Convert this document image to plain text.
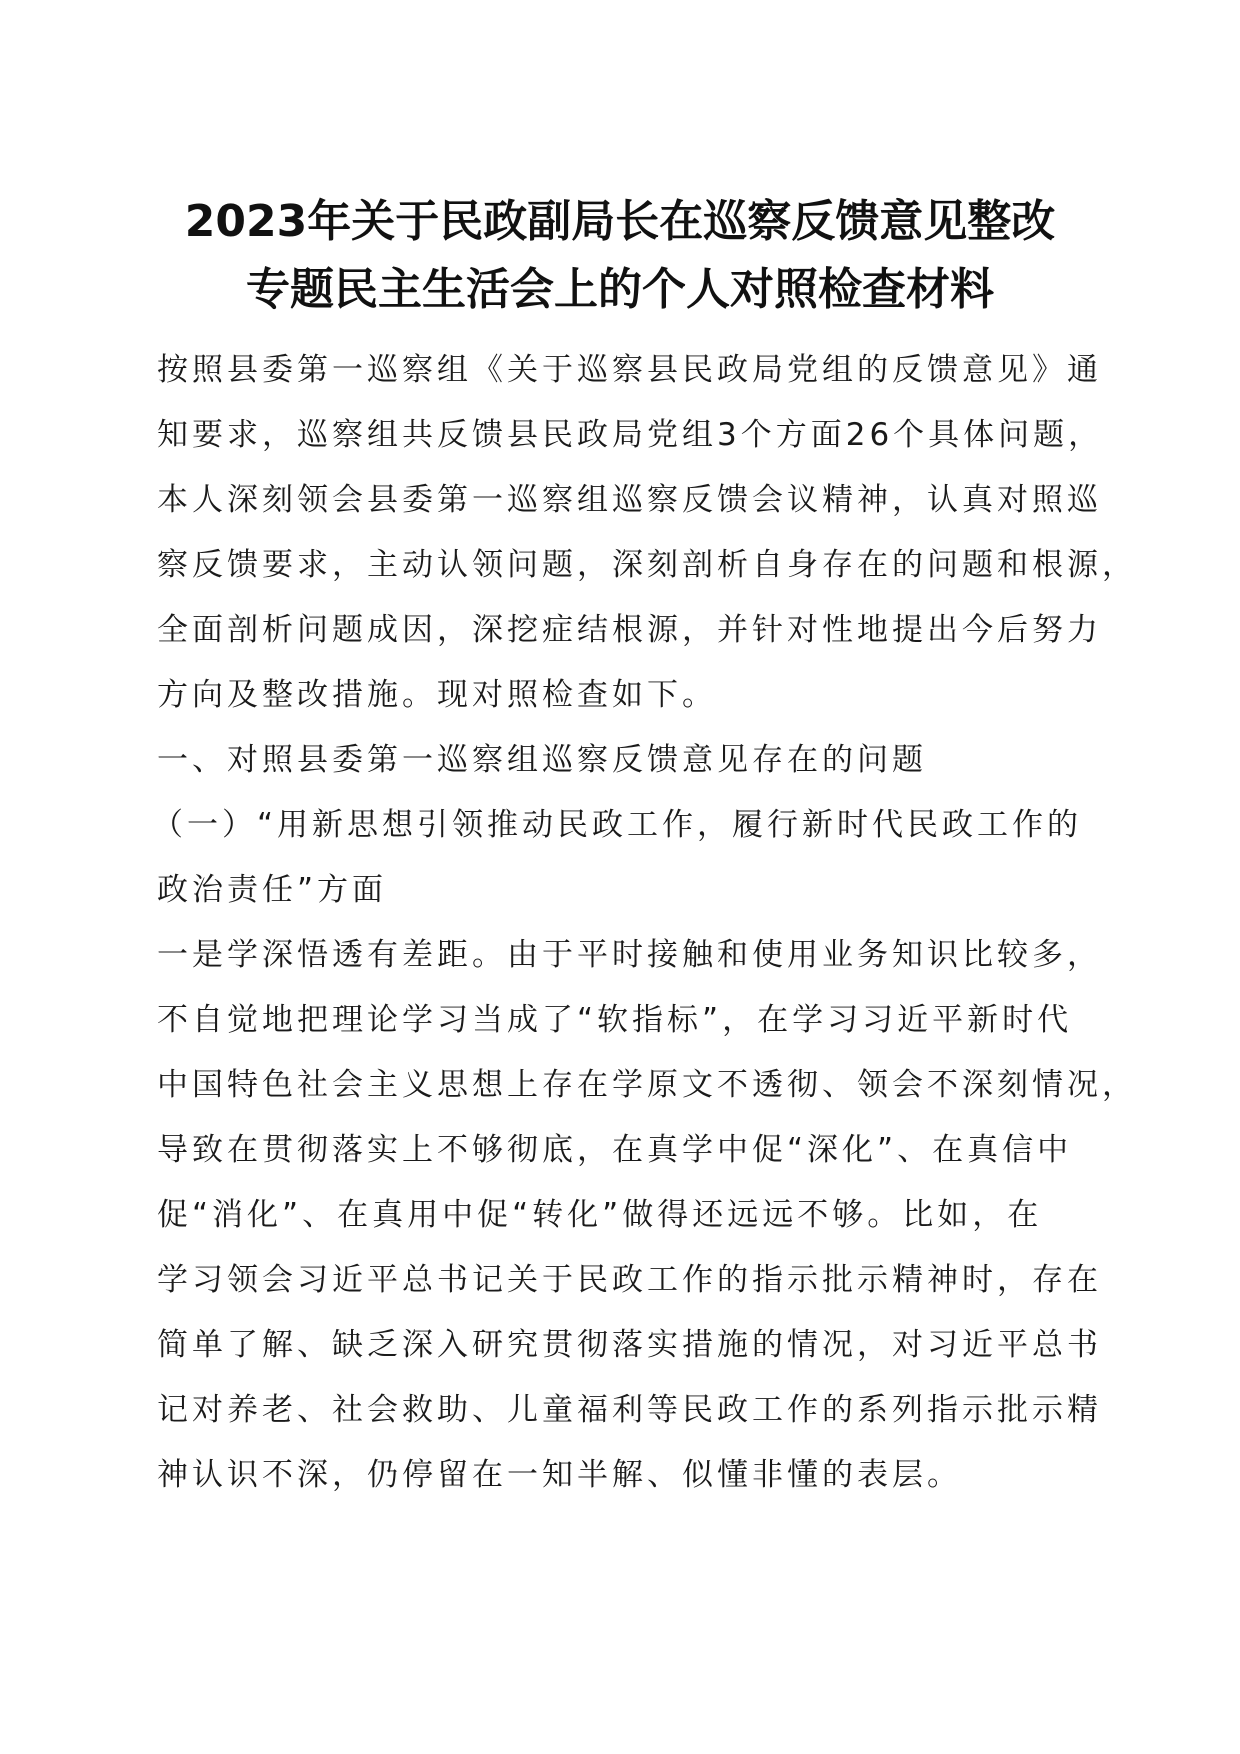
2023年关于民政副局长在巡察反馈意见整改
专题民主生活会上的个人对照检查材料
按照县委第一巡察组《关于巡察县民政局党组的反馈意见》通
知要求，巡察组共反馈县民政局党组3个方面26个具体问题，
本人深刻领会县委第一巡察组巡察反馈会议精神，认真对照巡
察反馈要求，主动认领问题，深刻剖析自身存在的问题和根源，
全面剖析问题成因，深挖症结根源，并针对性地提出今后努力
方向及整改措施。现对照检查如下。
一、对照县委第一巡察组巡察反馈意见存在的问题
（一）“用新思想引领推动民政工作，履行新时代民政工作的
政治责任”方面
一是学深悟透有差距。由于平时接触和使用业务知识比较多，
不自觉地把理论学习当成了“软指标”，在学习习近平新时代
中国特色社会主义思想上存在学原文不透彻、领会不深刻情况，
导致在贯彻落实上不够彻底，在真学中促“深化”、在真信中
促“消化”、在真用中促“转化”做得还远远不够。比如，在
学习领会习近平总书记关于民政工作的指示批示精神时，存在
简单了解、缺乏深入研究贯彻落实措施的情况，对习近平总书
记对养老、社会救助、儿童福利等民政工作的系列指示批示精
神认识不深，仍停留在一知半解、似懂非懂的表层。
